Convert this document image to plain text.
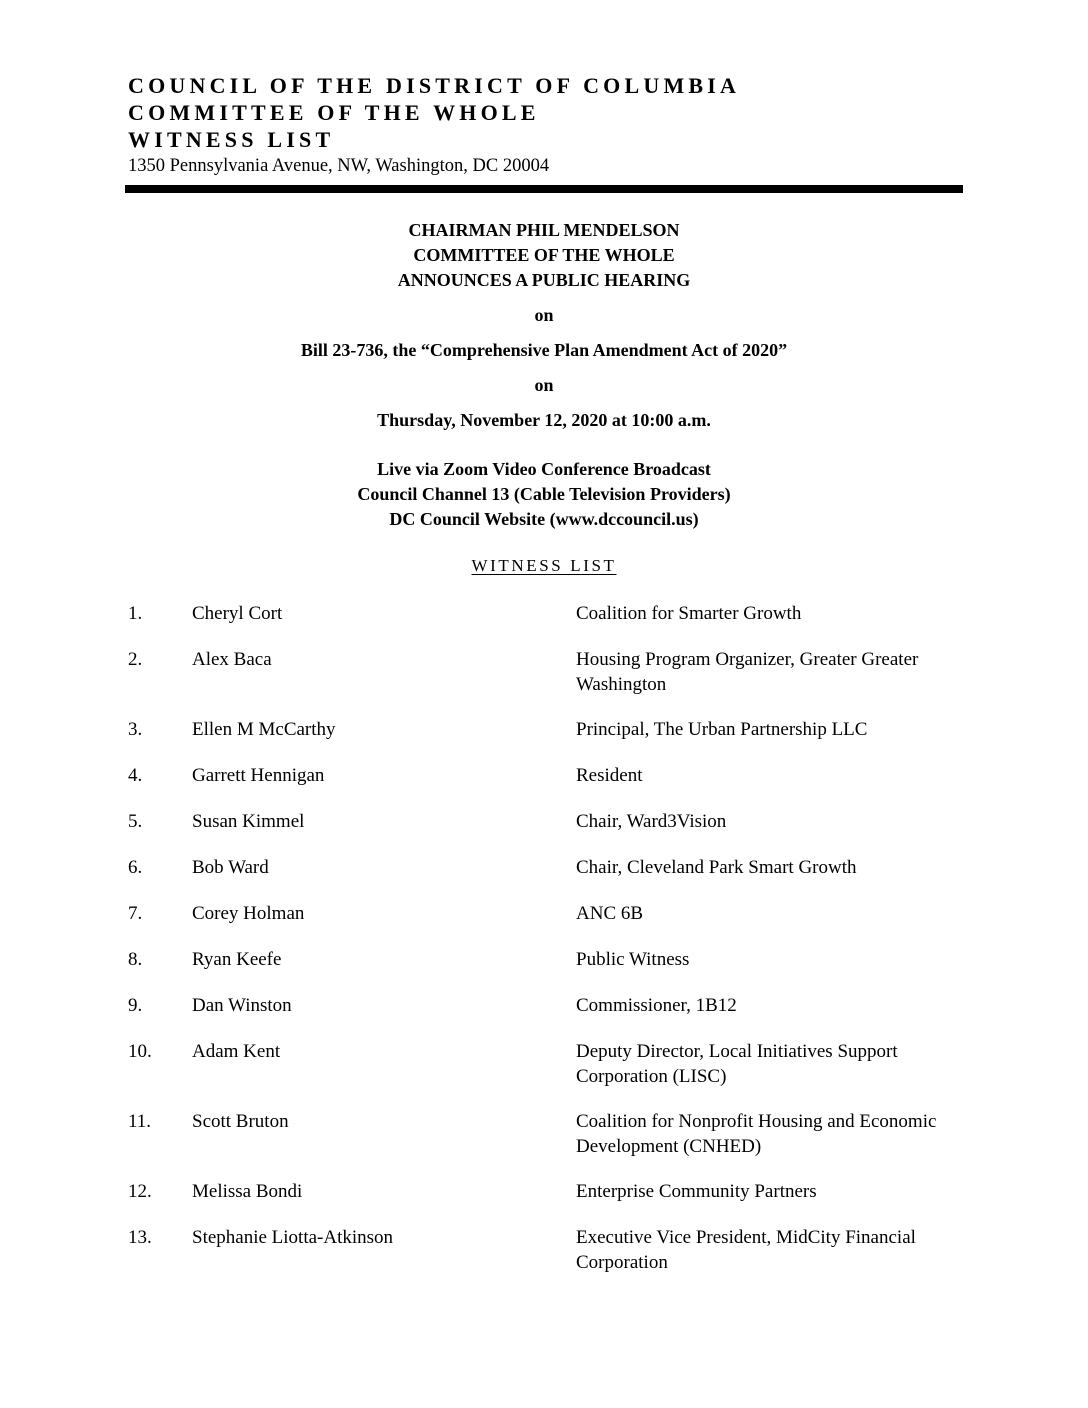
COUNCIL OF THE DISTRICT OF COLUMBIA
COMMITTEE OF THE WHOLE
WITNESS LIST
1350 Pennsylvania Avenue, NW, Washington, DC 20004
CHAIRMAN PHIL MENDELSON
COMMITTEE OF THE WHOLE
ANNOUNCES A PUBLIC HEARING
on
Bill 23-736, the “Comprehensive Plan Amendment Act of 2020”
on
Thursday, November 12, 2020 at 10:00 a.m.
Live via Zoom Video Conference Broadcast
Council Channel 13 (Cable Television Providers)
DC Council Website (www.dccouncil.us)
WITNESS LIST
1.	Cheryl Cort	Coalition for Smarter Growth
2.	Alex Baca	Housing Program Organizer, Greater Greater Washington
3.	Ellen M McCarthy	Principal, The Urban Partnership LLC
4.	Garrett Hennigan	Resident
5.	Susan Kimmel	Chair, Ward3Vision
6.	Bob Ward	Chair, Cleveland Park Smart Growth
7.	Corey Holman	ANC 6B
8.	Ryan Keefe	Public Witness
9.	Dan Winston	Commissioner, 1B12
10. Adam Kent	Deputy Director, Local Initiatives Support Corporation (LISC)
11. Scott Bruton	Coalition for Nonprofit Housing and Economic Development (CNHED)
12. Melissa Bondi	Enterprise Community Partners
13. Stephanie Liotta-Atkinson	Executive Vice President, MidCity Financial Corporation
